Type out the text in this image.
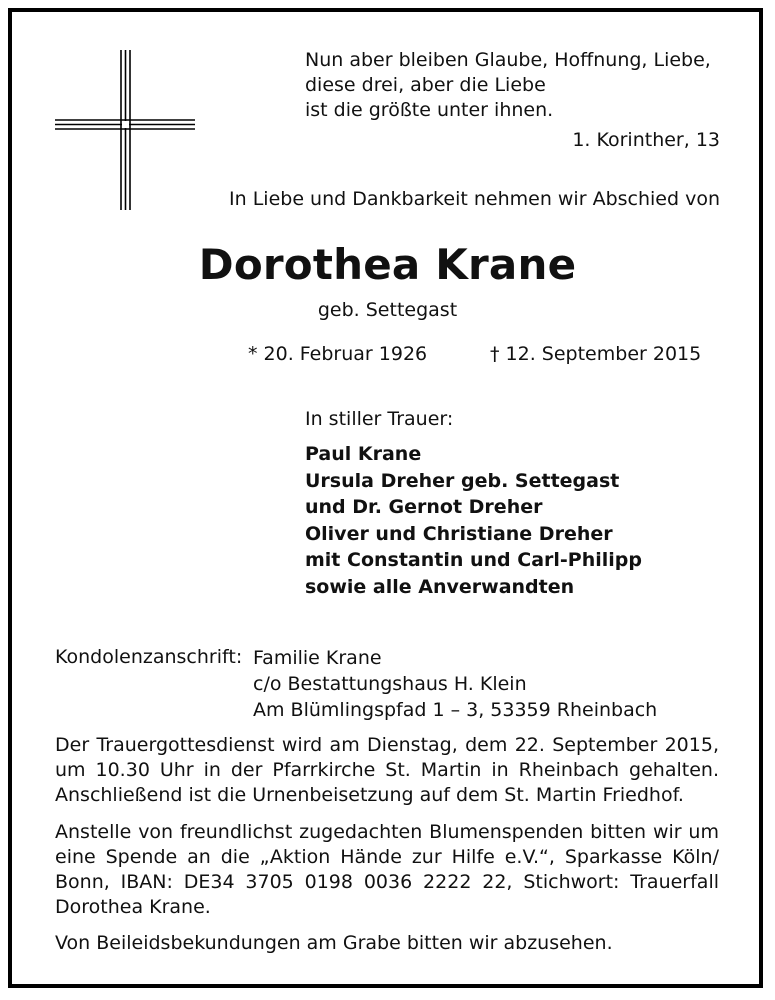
Nun aber bleiben Glaube, Hoffnung, Liebe,
diese drei, aber die Liebe
ist die größte unter ihnen.
1. Korinther, 13
In Liebe und Dankbarkeit nehmen wir Abschied von
Dorothea Krane
geb. Settegast
* 20. Februar 1926	† 12. September 2015
In stiller Trauer:
Paul Krane
Ursula Dreher geb. Settegast
und Dr. Gernot Dreher
Oliver und Christiane Dreher
mit Constantin und Carl-Philipp
sowie alle Anverwandten
Kondolenzanschrift: Familie Krane
c/o Bestattungshaus H. Klein
Am Blümlingspfad 1 – 3, 53359 Rheinbach
Der Trauergottesdienst wird am Dienstag, dem 22. September 2015,
um 10.30 Uhr in der Pfarrkirche St. Martin in Rheinbach gehalten.
Anschließend ist die Urnenbeisetzung auf dem St. Martin Friedhof.
Anstelle von freundlichst zugedachten Blumenspenden bitten wir um
eine Spende an die „Aktion Hände zur Hilfe e.V.“, Sparkasse Köln/
Bonn, IBAN: DE34 3705 0198 0036 2222 22, Stichwort: Trauerfall
Dorothea Krane.
Von Beileidsbekundungen am Grabe bitten wir abzusehen.
